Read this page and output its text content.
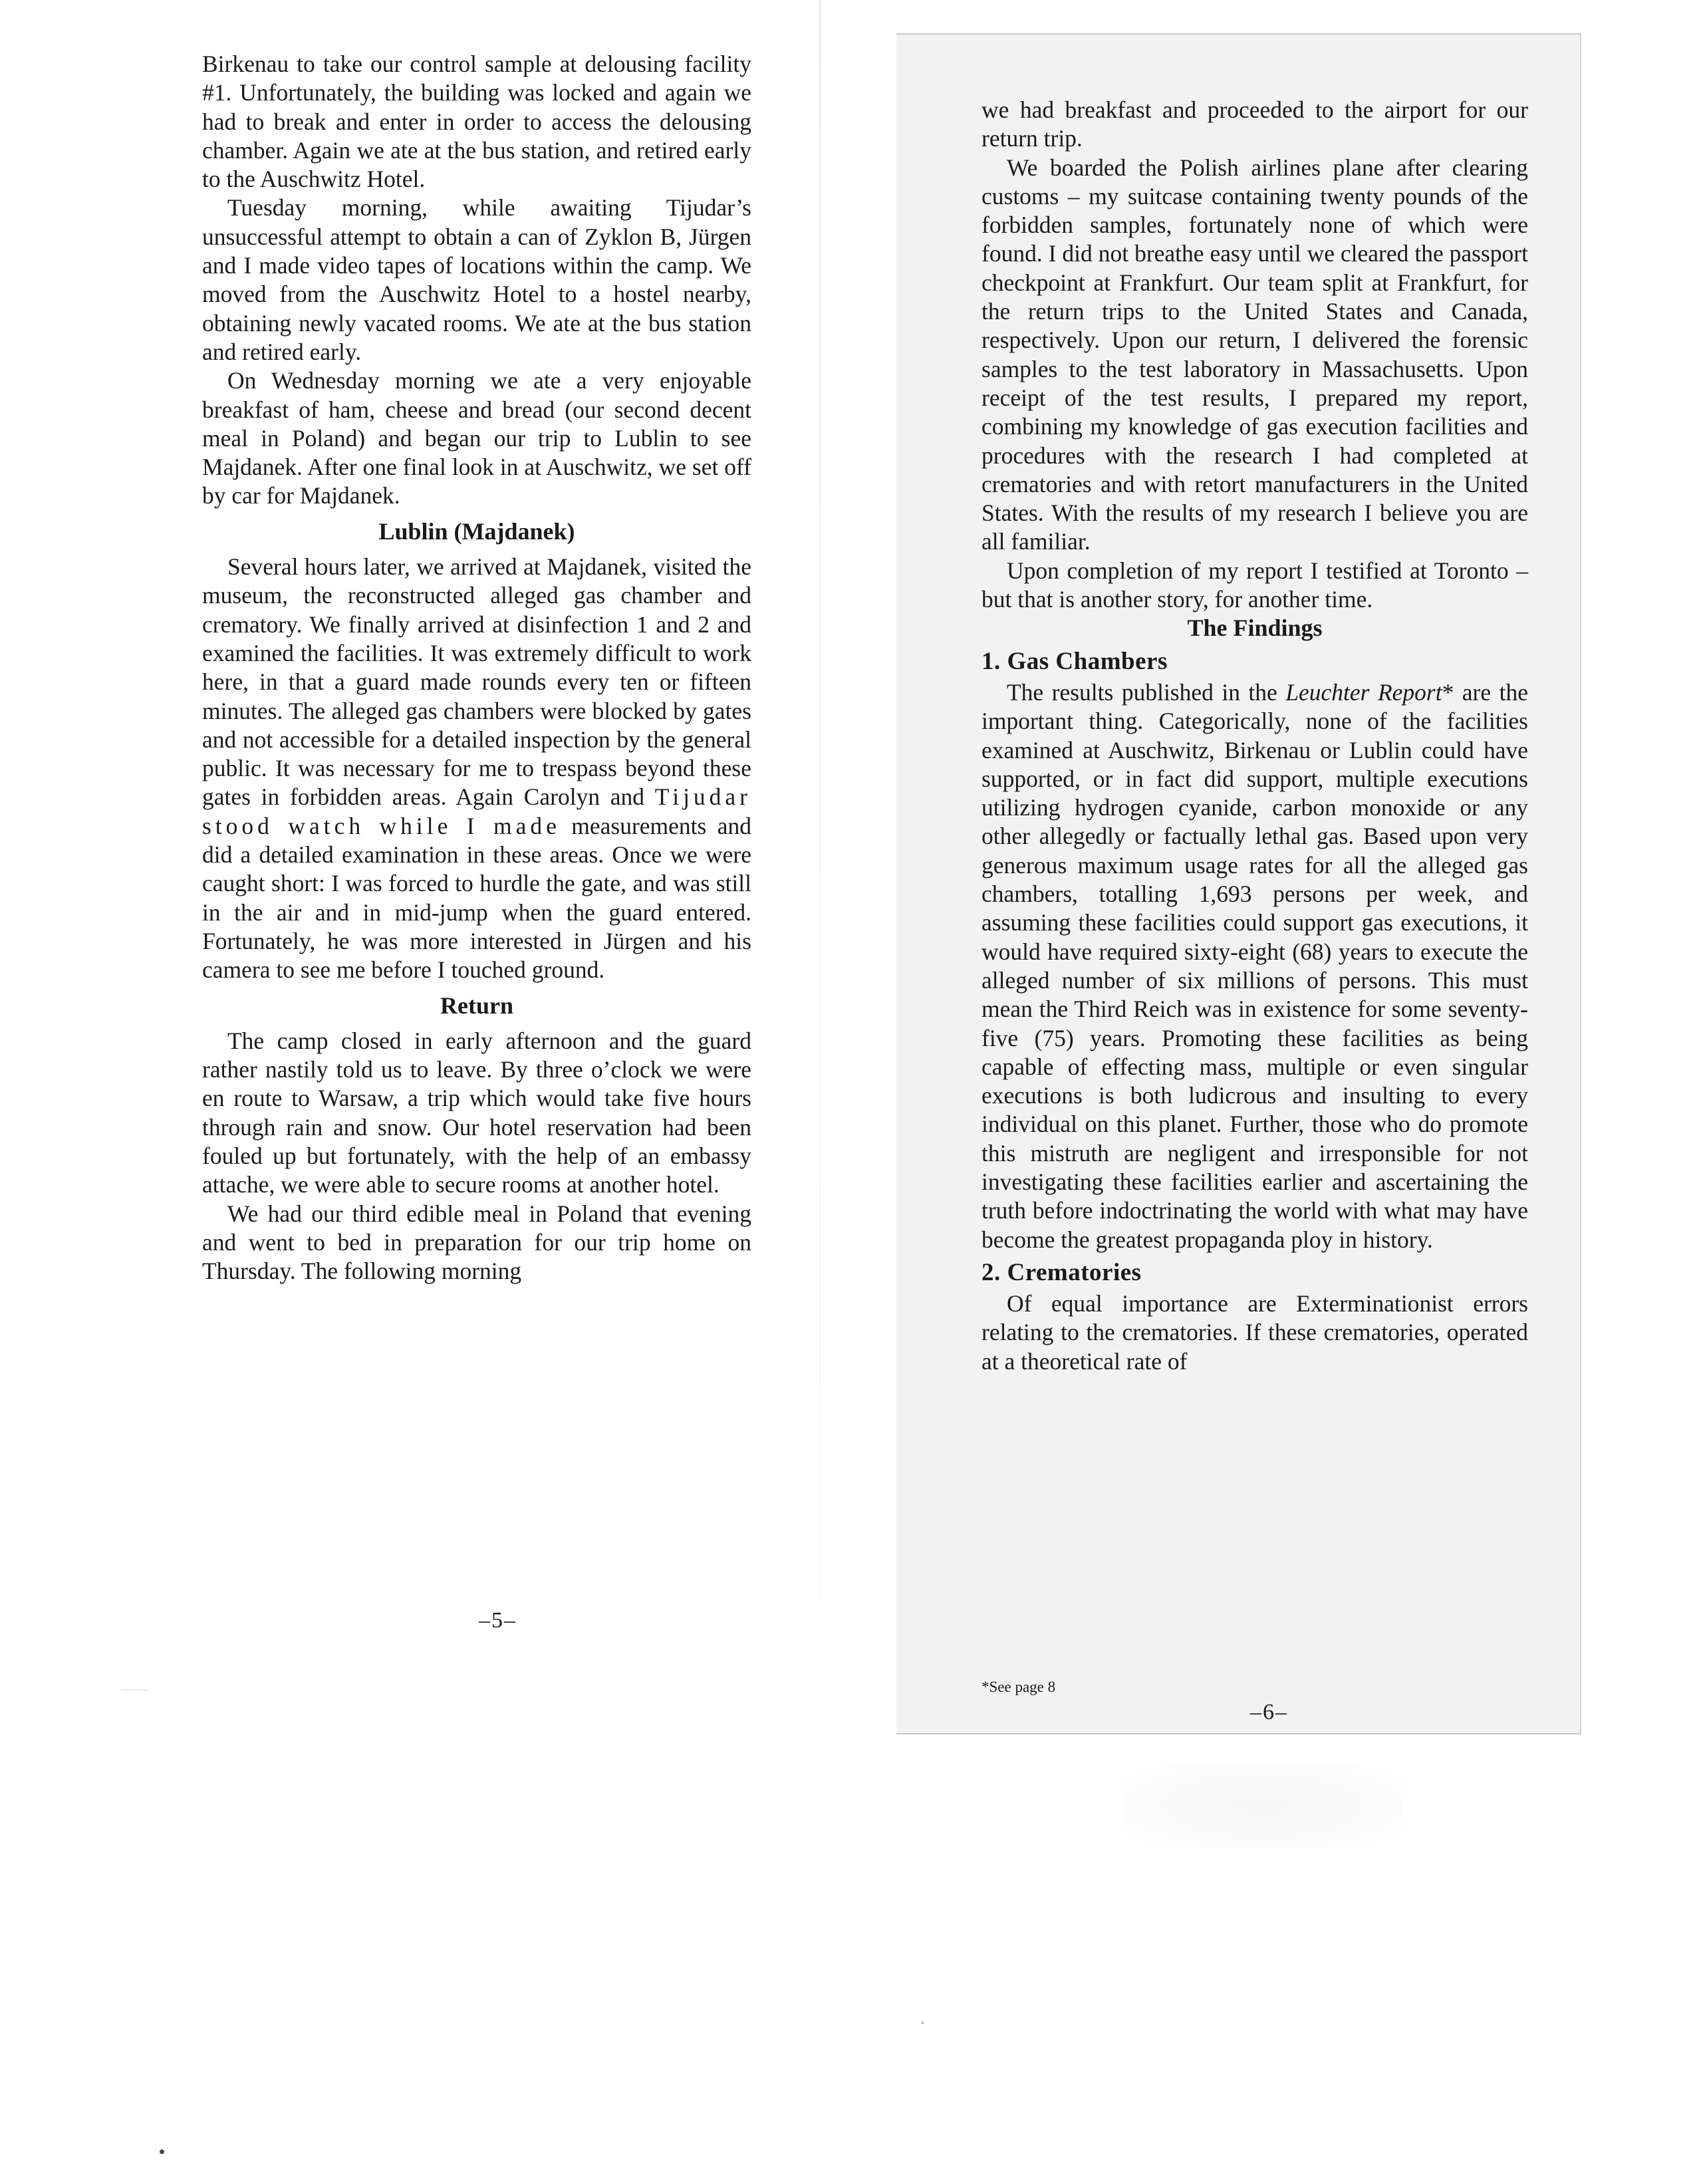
Birkenau to take our control sample at delousing facility #1. Unfortunately, the building was locked and again we had to break and enter in order to access the delousing chamber. Again we ate at the bus station, and retired early to the Auschwitz Hotel.

Tuesday morning, while awaiting Tijudar’s unsuccessful attempt to obtain a can of Zyklon B, Jürgen and I made video tapes of locations within the camp. We moved from the Auschwitz Hotel to a hostel nearby, obtaining newly vacated rooms. We ate at the bus station and retired early.

On Wednesday morning we ate a very enjoyable breakfast of ham, cheese and bread (our second decent meal in Poland) and began our trip to Lublin to see Majdanek. After one final look in at Auschwitz, we set off by car for Majdanek.

Lublin (Majdanek)

Several hours later, we arrived at Majdanek, visited the museum, the reconstructed alleged gas chamber and crematory. We finally arrived at disinfection 1 and 2 and examined the facilities. It was extremely difficult to work here, in that a guard made rounds every ten or fifteen minutes. The alleged gas chambers were blocked by gates and not accessible for a detailed inspection by the general public. It was necessary for me to trespass beyond these gates in forbidden areas. Again Carolyn and Tijudar stood watch while I made measurements and did a detailed examination in these areas. Once we were caught short: I was forced to hurdle the gate, and was still in the air and in mid-jump when the guard entered. Fortunately, he was more interested in Jürgen and his camera to see me before I touched ground.

Return

The camp closed in early afternoon and the guard rather nastily told us to leave. By three o’clock we were en route to Warsaw, a trip which would take five hours through rain and snow. Our hotel reservation had been fouled up but fortunately, with the help of an embassy attache, we were able to secure rooms at another hotel.

We had our third edible meal in Poland that evening and went to bed in preparation for our trip home on Thursday. The following morning

–5–

we had breakfast and proceeded to the airport for our return trip.

We boarded the Polish airlines plane after clearing customs – my suitcase containing twenty pounds of the forbidden samples, fortunately none of which were found. I did not breathe easy until we cleared the passport checkpoint at Frankfurt. Our team split at Frankfurt, for the return trips to the United States and Canada, respectively. Upon our return, I delivered the forensic samples to the test laboratory in Massachusetts. Upon receipt of the test results, I prepared my report, combining my knowledge of gas execution facilities and procedures with the research I had completed at crematories and with retort manufacturers in the United States. With the results of my research I believe you are all familiar.

Upon completion of my report I testified at Toronto – but that is another story, for another time.

The Findings
1. Gas Chambers

The results published in the Leuchter Report* are the important thing. Categorically, none of the facilities examined at Auschwitz, Birkenau or Lublin could have supported, or in fact did support, multiple executions utilizing hydrogen cyanide, carbon monoxide or any other allegedly or factually lethal gas. Based upon very generous maximum usage rates for all the alleged gas chambers, totalling 1,693 persons per week, and assuming these facilities could support gas executions, it would have required sixty-eight (68) years to execute the alleged number of six millions of persons. This must mean the Third Reich was in existence for some seventy-five (75) years. Promoting these facilities as being capable of effecting mass, multiple or even singular executions is both ludicrous and insulting to every individual on this planet. Further, those who do promote this mistruth are negligent and irresponsible for not investigating these facilities earlier and ascertaining the truth before indoctrinating the world with what may have become the greatest propaganda ploy in history.

2. Crematories

Of equal importance are Exterminationist errors relating to the crematories. If these crematories, operated at a theoretical rate of

*See page 8
–6–
